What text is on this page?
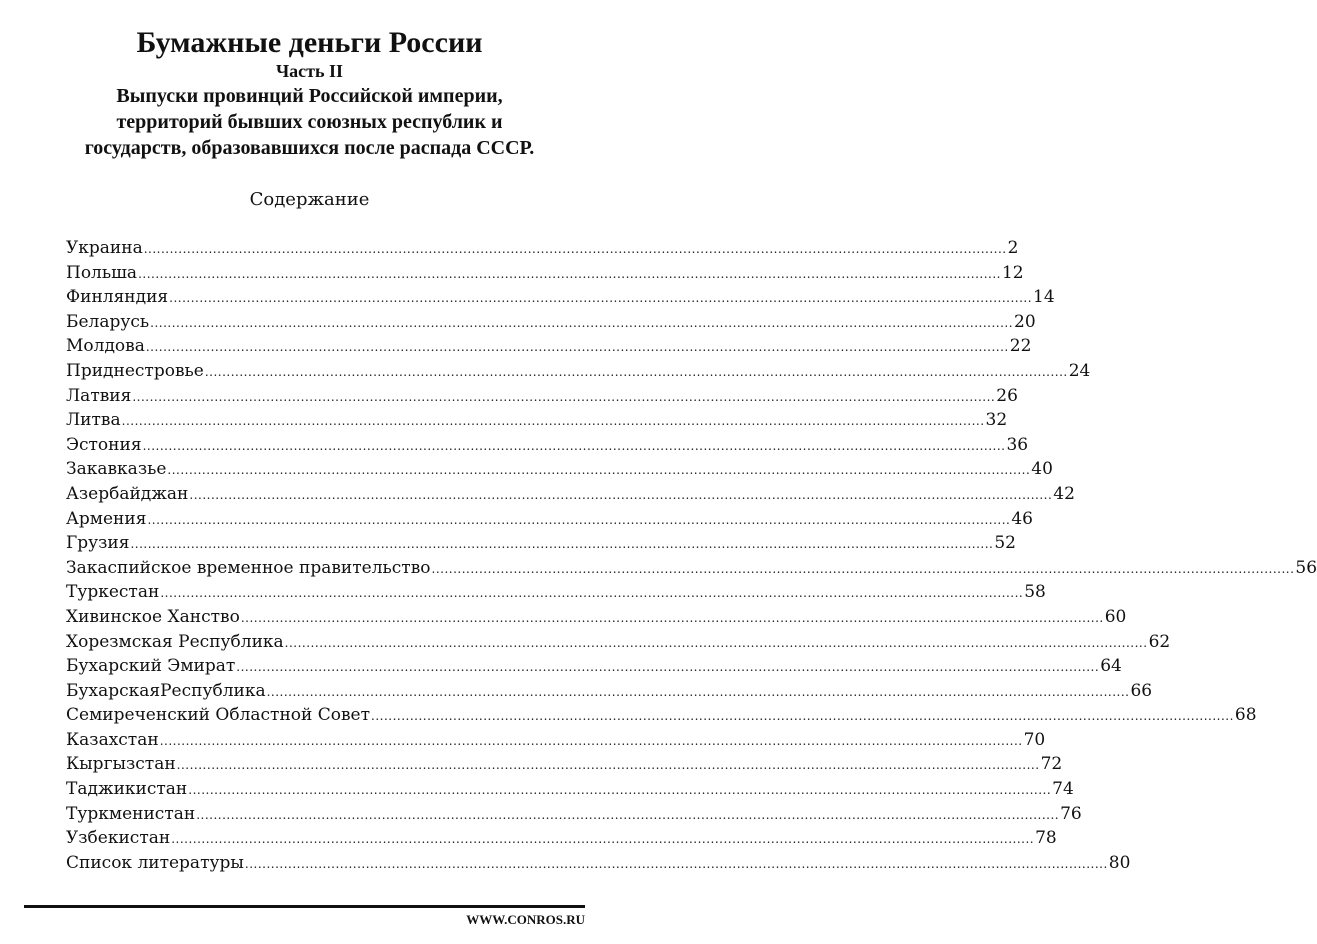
Бумажные деньги России
Часть II
Выпуски провинций Российской империи,
территорий бывших союзных республик и
государств, образовавшихся после распада СССР.
Содержание
Украина ........................................................................................................................................................................................................ 2
Польша ........................................................................................................................................................................................................ 12
Финляндия ........................................................................................................................................................................................................ 14
Беларусь ........................................................................................................................................................................................................ 20
Молдова ........................................................................................................................................................................................................ 22
Приднестровье ........................................................................................................................................................................................................ 24
Латвия ........................................................................................................................................................................................................ 26
Литва ........................................................................................................................................................................................................ 32
Эстония ........................................................................................................................................................................................................ 36
Закавказье ........................................................................................................................................................................................................ 40
Азербайджан ........................................................................................................................................................................................................ 42
Армения ........................................................................................................................................................................................................ 46
Грузия ........................................................................................................................................................................................................ 52
Закаспийское временное правительство ........................................................................................................................................................................................................ 56
Туркестан ........................................................................................................................................................................................................ 58
Хивинское Ханство ........................................................................................................................................................................................................ 60
Хорезмская Республика ........................................................................................................................................................................................................ 62
Бухарский Эмират ........................................................................................................................................................................................................ 64
БухарскаяРеспублика ........................................................................................................................................................................................................ 66
Семиреченский Областной Совет ........................................................................................................................................................................................................ 68
Казахстан ........................................................................................................................................................................................................ 70
Кыргызстан ........................................................................................................................................................................................................ 72
Таджикистан ........................................................................................................................................................................................................ 74
Туркменистан ........................................................................................................................................................................................................ 76
Узбекистан ........................................................................................................................................................................................................ 78
Список литературы ........................................................................................................................................................................................................ 80
WWW.CONROS.RU
